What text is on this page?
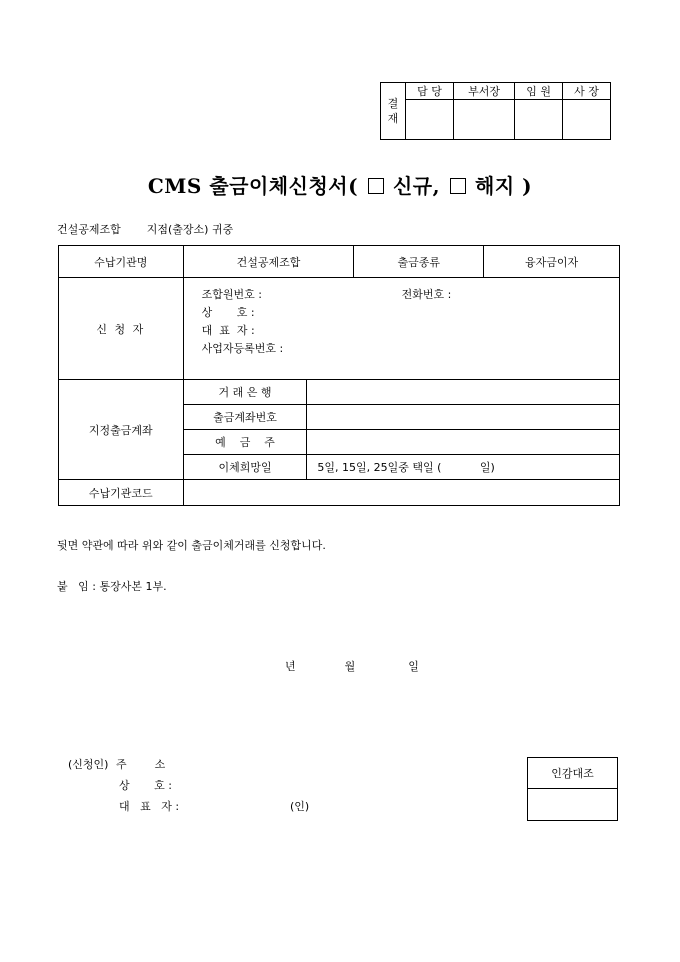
결
재	담 당	부서장	임 원	사 장

CMS 출금이체신청서( 신규, 해지 )
건설공제조합 지점(출장소) 귀중
수납기관명	건설공제조합		출금종류	융자금이자
신 청 자	조합원번호 : 전화번호 :
상       호 :
대  표  자 :
사업자등록번호 :			

지정출금계좌	거 래 은 행			
	출금계좌번호			
	예    금    주			
	이체희망일	5일, 15일, 25일중 택일 (           일)		
수납기관코드				
뒷면 약관에 따라 위와 같이 출금이체거래를 신청합니다.
붙   임 : 통장사본 1부.
년	월	일
(신청인) 주        소
상       호 :
대   표   자 :	(인)
인감대조
